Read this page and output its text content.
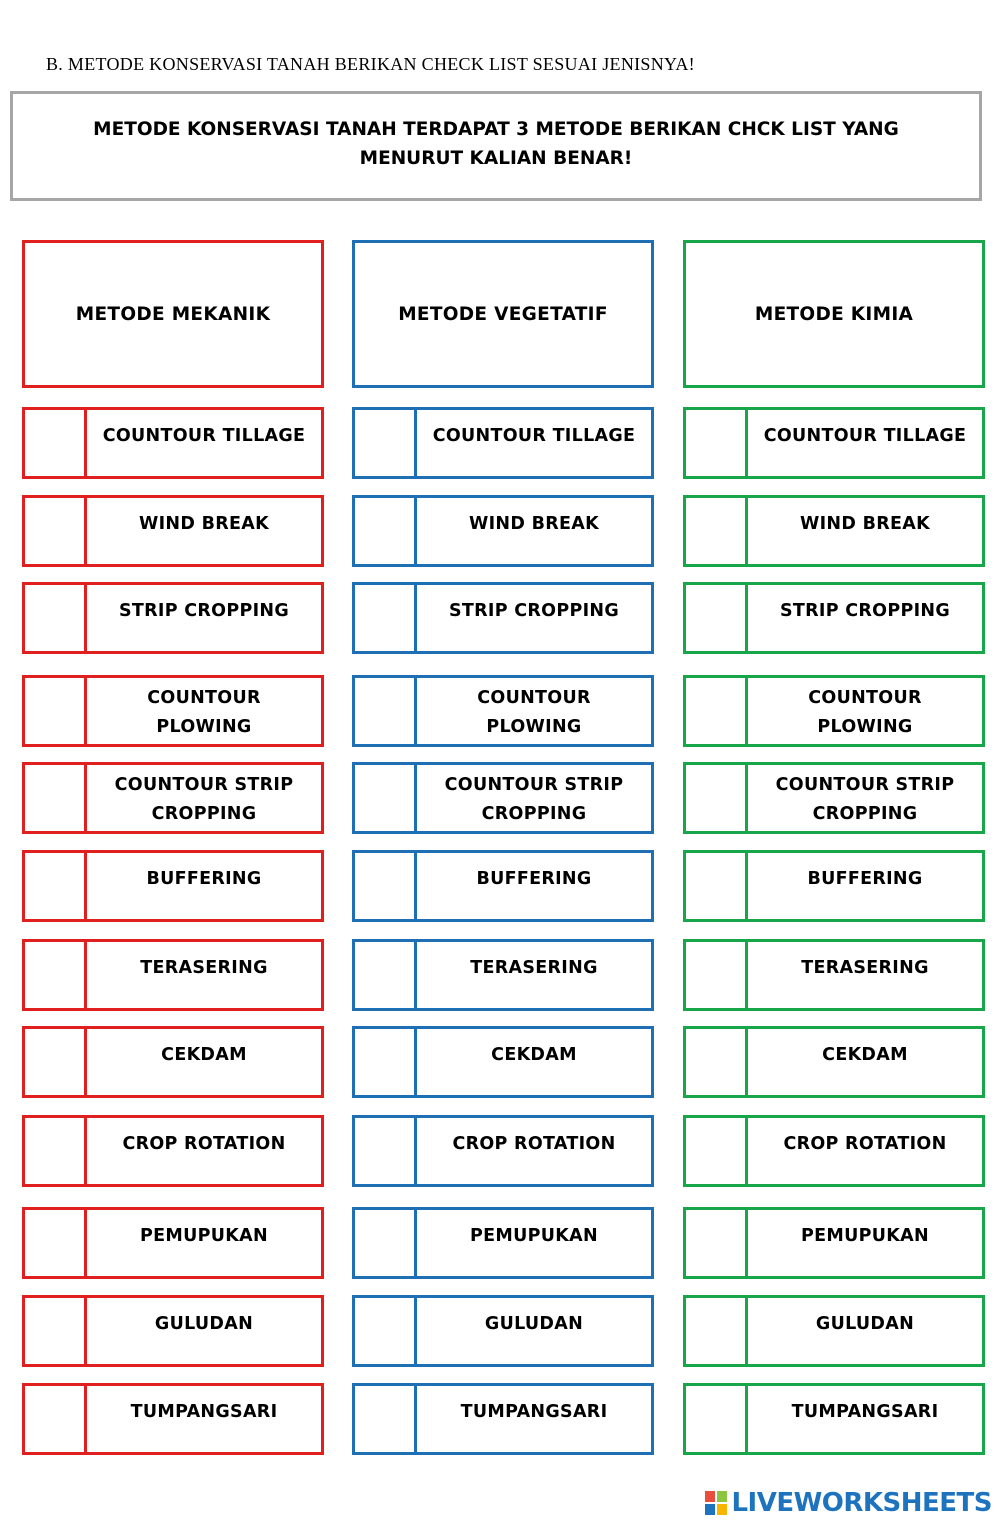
B. METODE KONSERVASI TANAH BERIKAN CHECK LIST SESUAI JENISNYA!
METODE KONSERVASI TANAH TERDAPAT 3 METODE BERIKAN CHCK LIST YANG MENURUT KALIAN BENAR!
METODE MEKANIK
COUNTOUR TILLAGE
WIND BREAK
STRIP CROPPING
COUNTOUR
PLOWING
COUNTOUR STRIP
CROPPING
BUFFERING
TERASERING
CEKDAM
CROP ROTATION
PEMUPUKAN
GULUDAN
TUMPANGSARI
METODE VEGETATIF
COUNTOUR TILLAGE
WIND BREAK
STRIP CROPPING
COUNTOUR
PLOWING
COUNTOUR STRIP
CROPPING
BUFFERING
TERASERING
CEKDAM
CROP ROTATION
PEMUPUKAN
GULUDAN
TUMPANGSARI
METODE KIMIA
COUNTOUR TILLAGE
WIND BREAK
STRIP CROPPING
COUNTOUR
PLOWING
COUNTOUR STRIP
CROPPING
BUFFERING
TERASERING
CEKDAM
CROP ROTATION
PEMUPUKAN
GULUDAN
TUMPANGSARI
LIVEWORKSHEETS
